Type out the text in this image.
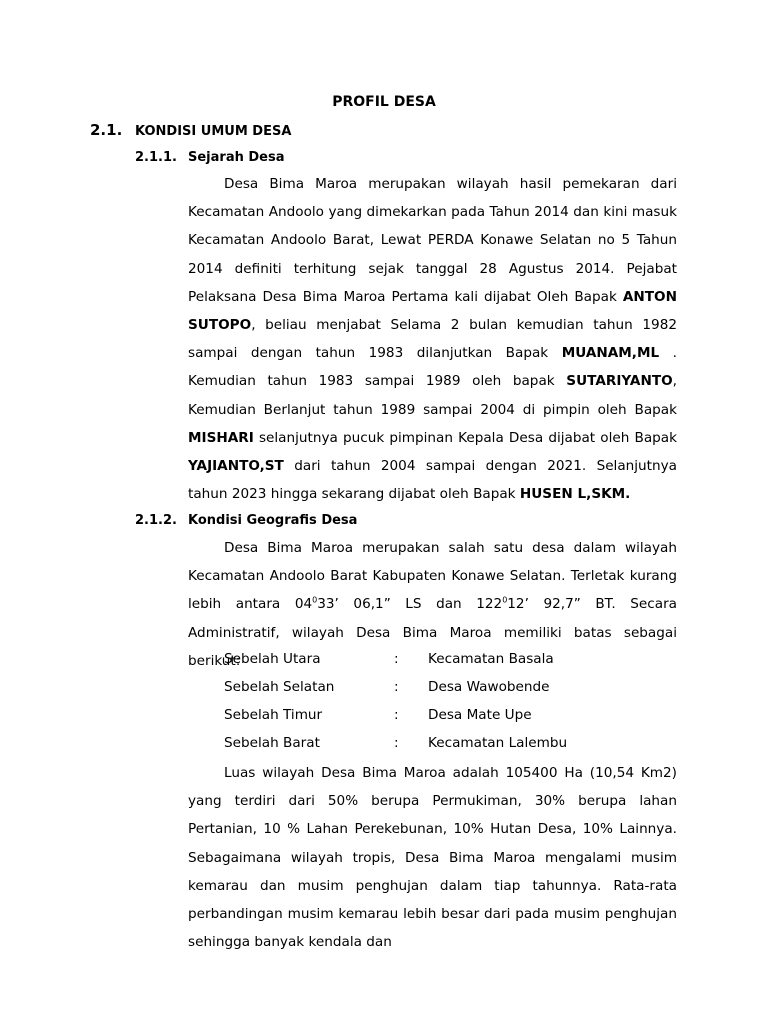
PROFIL DESA
2.1. KONDISI UMUM DESA
2.1.1. Sejarah Desa

Desa Bima Maroa merupakan wilayah hasil pemekaran dari Kecamatan Andoolo yang dimekarkan pada Tahun 2014 dan kini masuk Kecamatan Andoolo Barat, Lewat PERDA Konawe Selatan no 5 Tahun 2014 definiti terhitung sejak tanggal 28 Agustus 2014. Pejabat Pelaksana Desa Bima Maroa Pertama kali dijabat Oleh Bapak ANTON SUTOPO, beliau menjabat Selama 2 bulan kemudian tahun 1982 sampai dengan tahun 1983 dilanjutkan Bapak MUANAM,ML . Kemudian tahun 1983 sampai 1989 oleh bapak SUTARIYANTO, Kemudian Berlanjut tahun 1989 sampai 2004 di pimpin oleh Bapak MISHARI selanjutnya pucuk pimpinan Kepala Desa dijabat oleh Bapak YAJIANTO,ST dari tahun 2004 sampai dengan 2021. Selanjutnya tahun 2023 hingga sekarang dijabat oleh Bapak HUSEN L,SKM.

2.1.2. Kondisi Geografis Desa

Desa Bima Maroa merupakan salah satu desa dalam wilayah Kecamatan Andoolo Barat Kabupaten Konawe Selatan. Terletak kurang lebih antara $04^033$’ 06,1” LS dan $122^012$’ 92,7” BT. Secara Administratif, wilayah Desa Bima Maroa memiliki batas sebagai berikut:

Sebelah Utara	: Kecamatan Basala
Sebelah Selatan	: Desa Wawobende
Sebelah Timur	: Desa Mate Upe
Sebelah Barat	: Kecamatan Lalembu

Luas wilayah Desa Bima Maroa adalah 105400 Ha (10,54 Km2) yang terdiri dari 50% berupa Permukiman, 30% berupa lahan Pertanian, 10 % Lahan Perekebunan, 10% Hutan Desa, 10% Lainnya. Sebagaimana wilayah tropis, Desa Bima Maroa mengalami musim kemarau dan musim penghujan dalam tiap tahunnya. Rata-rata perbandingan musim kemarau lebih besar dari pada musim penghujan sehingga banyak kendala dan
